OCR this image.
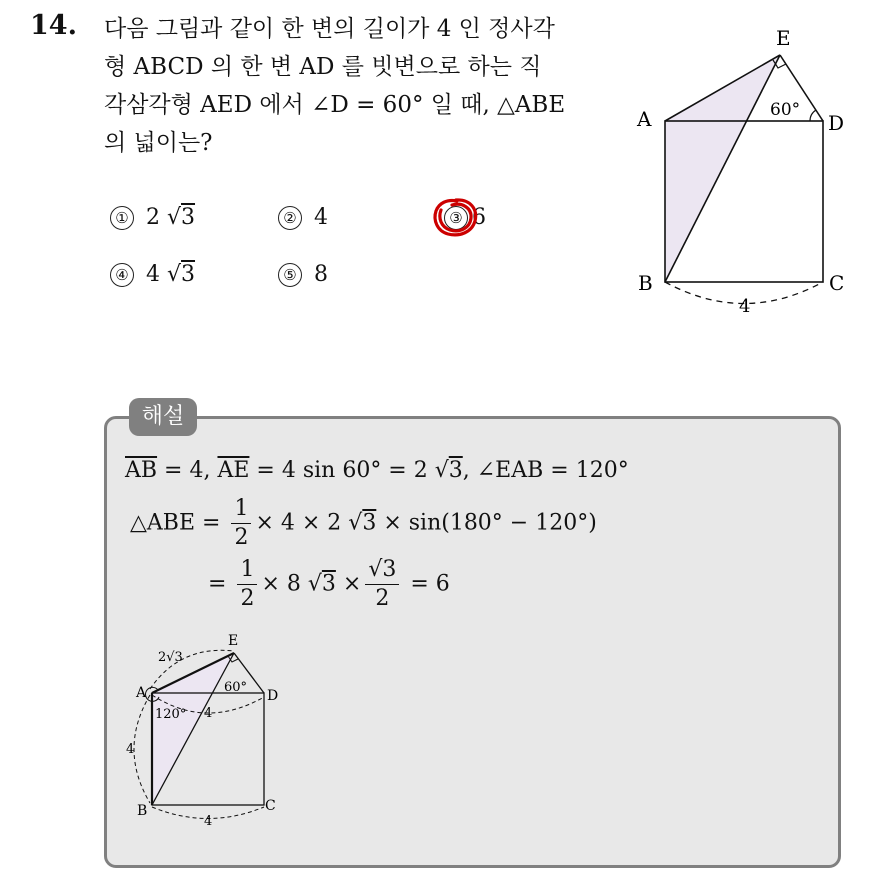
14. 다음 그림과 같이 한 변의 길이가 4 인 정사각
형 ABCD 의 한 변 AD 를 빗변으로 하는 직
각삼각형 AED 에서 ∠D = 60° 일 때, △ABE
의 넓이는?
① 2 √3	② 4	③ 6
④ 4 √3	⑤ 8
E
A	D
B	C
60°
4
해설
$\overline{AB} = 4$, $\overline{AE} = 4$ sin 60° = 2 √3, ∠EAB = 120°
△ABE = $\frac{1}{2} \times 4 \times 2$ √3 × sin(180° − 120°)
= $\frac{1}{2} \times 8$ $√3 \times \frac{√3}{2} = 6$
E
A	D
B	C
2√3
60°
120° 4
4
4
